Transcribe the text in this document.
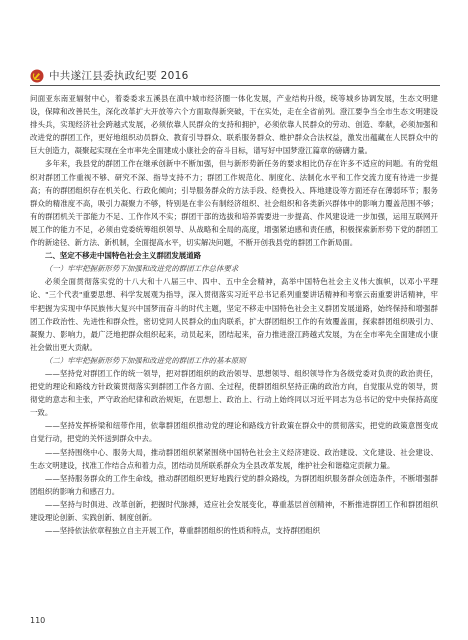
中共遂江县委执政纪要 2016

问面亚东南亚辐射中心，着委委求五溪县在滇中城市经济圈一体化发展，产业结构升级，统等城乡协调发展，生态文明建设，保障和改善民生，深化改革扩大开放等六个方面取得新突破，干在实处，走在全省前列。澄江要争当全市生态文明建设排头兵，实现经济社会跨越式发展，必须依靠人民群众的支持和拥护，必须依靠人民群众的劳动、创造、奉献，必须加强和改进党的群团工作，更好地组织动员群众、教育引导群众、联系服务群众、维护群众合法权益，激发出蕴藏在人民群众中的巨大创造力，凝聚起实现在全市率先全面建成小康社会的奋斗目标，谱写好中国梦澄江篇章的磅礴力量。

多年来，我县党的群团工作在继承创新中不断加强，但与新形势新任务的要求相比仍存在许多不适应的问题。有的党组织对群团工作重视不够、研究不深、指导支持不力；群团工作规范化、制度化、法制化水平和工作交流力度有待进一步提高；有的群团组织存在机关化、行政化倾向；引导服务群众的方法手段、经费投入、阵地建设等方面还存在薄弱环节；服务群众的精准度不高，吸引力凝聚力不够，特别是在非公有制经济组织、社会组织和各类新兴群体中的影响力覆盖范围不够；有的群团机关干部能力不足、工作作风不实；群团干部的选拔和培养需要进一步提高、作风建设进一步加强，运用互联网开展工作的能力不足，必须由党委统筹组织领导、从战略和全局的高度，增强紧迫感和责任感，积极探索新形势下党的群团工作的新途径、新方法、新机制，全面提高水平，切实解决问题，不断开创我县党的群团工作新局面。

二、坚定不移走中国特色社会主义群团发展道路

（一）牢牢把握新形势下加强和改进党的群团工作总体要求

必须全面贯彻落实党的十八大和十八届三中、四中、五中全会精神，高举中国特色社会主义伟大旗帜，以邓小平理论、"三个代表"重要思想、科学发展观为指导，深入贯彻落实习近平总书记系列重要讲话精神和考察云南重要讲话精神，牢牢把握为实现中华民族伟大复兴中国梦而奋斗的时代主题，坚定不移走中国特色社会主义群团发展道路，始终保持和增强群团工作政治性、先进性和群众性，密切党同人民群众的血肉联系，扩大群团组织工作的有效覆盖面，探索群团组织吸引力、凝聚力、影响力，最广泛地把群众组织起来，动员起来，团结起来，奋力推进澄江跨越式发展，为在全市率先全面建成小康社会做出更大贡献。

（二）牢牢把握新形势下加强和改进党的群团工作的基本原则

——坚持党对群团工作的统一领导，把对群团组织的政治领导、思想领导、组织领导作为各级党委对负责的政治责任，把党的理论和路线方针政策贯彻落实到群团工作各方面、全过程，使群团组织坚持正确的政治方向，自觉服从党的领导，贯彻党的意志和主张，严守政治纪律和政治规矩，在思想上、政治上、行动上始终同以习近平同志为总书记的党中央保持高度一致。

——坚持发挥桥梁和纽带作用，依靠群团组织推动党的理论和路线方针政策在群众中的贯彻落实，把党的政策意图变成自觉行动，把党的关怀送到群众中去。

——坚持围绕中心、服务大局，推动群团组织紧紧围绕中国特色社会主义经济建设、政治建设、文化建设、社会建设、生态文明建设，找准工作结合点和着力点，团结动员所联系群众为全县改革发展，维护社会和谐稳定贡献力量。

——坚持服务群众的工作生命线，推动群团组织更好地践行党的群众路线，为群团组织服务群众创造条件，不断增强群团组织的影响力和感召力。

——坚持与时俱进、改革创新，把握时代脉搏，适应社会发展变化，尊重基层首创精神，不断推进群团工作和群团组织建设理论创新、实践创新、制度创新。

——坚持依法依章程独立自主开展工作，尊重群团组织的性质和特点，支持群团组织

110
